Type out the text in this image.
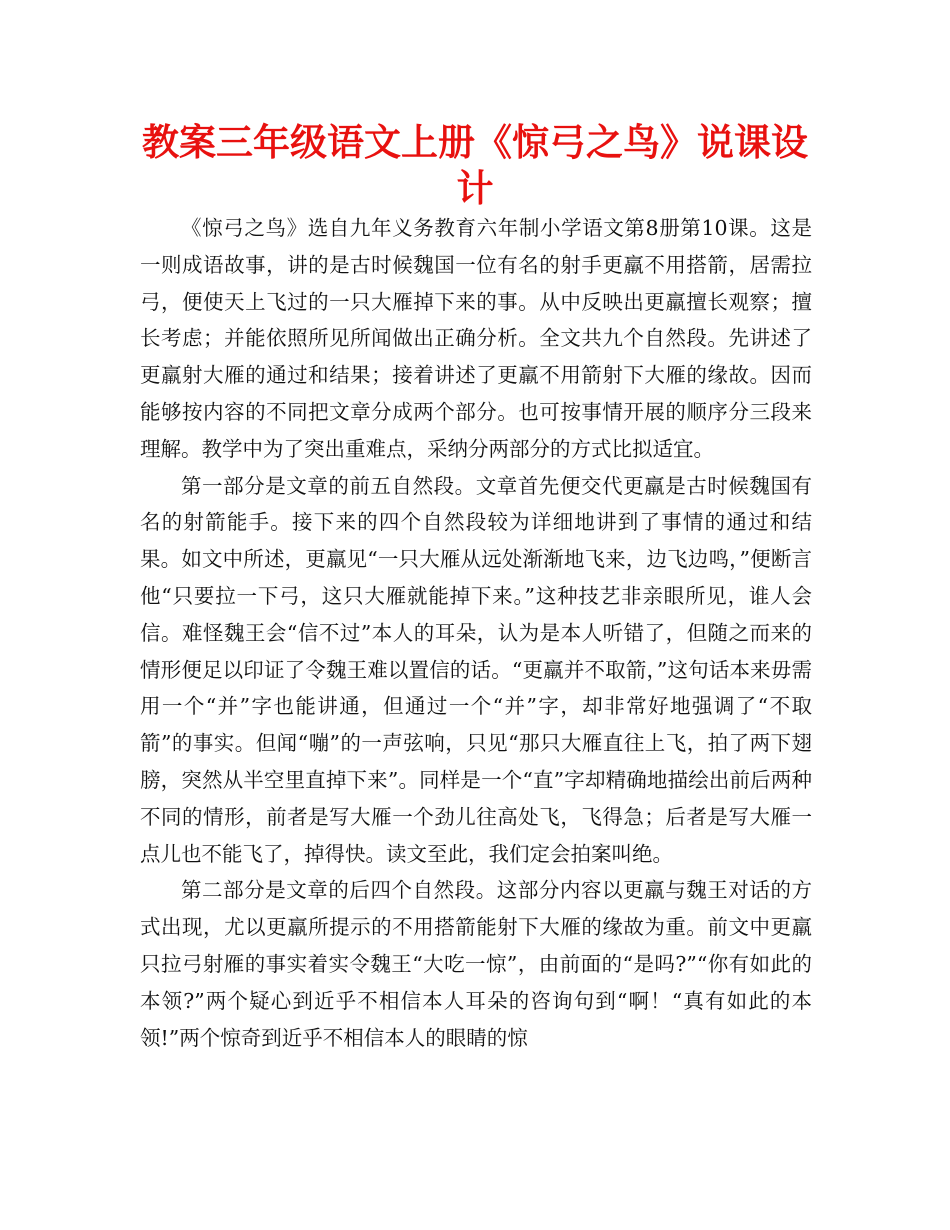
教案三年级语文上册《惊弓之鸟》说课设计

《惊弓之鸟》选自九年义务教育六年制小学语文第8册第10课。这是一则成语故事，讲的是古时候魏国一位有名的射手更羸不用搭箭，居需拉弓，便使天上飞过的一只大雁掉下来的事。从中反映出更羸擅长观察；擅长考虑；并能依照所见所闻做出正确分析。全文共九个自然段。先讲述了更羸射大雁的通过和结果；接着讲述了更羸不用箭射下大雁的缘故。因而能够按内容的不同把文章分成两个部分。也可按事情开展的顺序分三段来理解。教学中为了突出重难点，采纳分两部分的方式比拟适宜。

第一部分是文章的前五自然段。文章首先便交代更羸是古时候魏国有名的射箭能手。接下来的四个自然段较为详细地讲到了事情的通过和结果。如文中所述，更羸见“一只大雁从远处渐渐地飞来，边飞边鸣，”便断言他“只要拉一下弓，这只大雁就能掉下来。”这种技艺非亲眼所见，谁人会信。难怪魏王会“信不过”本人的耳朵，认为是本人听错了，但随之而来的情形便足以印证了令魏王难以置信的话。“更羸并不取箭，”这句话本来毋需用一个“并”字也能讲通，但通过一个“并”字，却非常好地强调了“不取箭”的事实。但闻“嘣”的一声弦响，只见“那只大雁直往上飞，拍了两下翅膀，突然从半空里直掉下来”。同样是一个“直”字却精确地描绘出前后两种不同的情形，前者是写大雁一个劲儿往高处飞，飞得急；后者是写大雁一点儿也不能飞了，掉得快。读文至此，我们定会拍案叫绝。

第二部分是文章的后四个自然段。这部分内容以更羸与魏王对话的方式出现，尤以更羸所提示的不用搭箭能射下大雁的缘故为重。前文中更羸只拉弓射雁的事实着实令魏王“大吃一惊”，由前面的“是吗?”“你有如此的本领?”两个疑心到近乎不相信本人耳朵的咨询句到“啊！“真有如此的本领!”两个惊奇到近乎不相信本人的眼睛的惊
